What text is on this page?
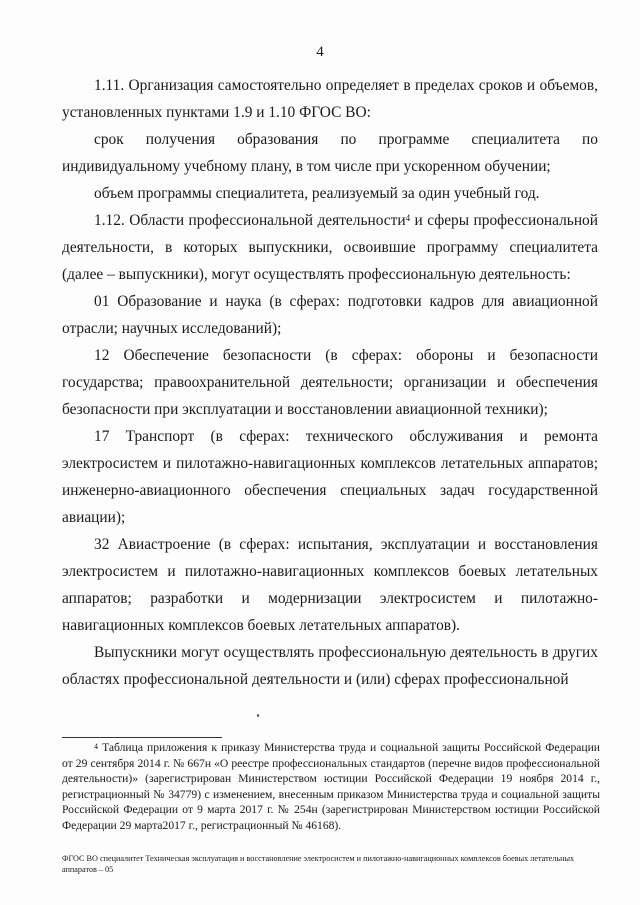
4

1.11. Организация самостоятельно определяет в пределах сроков и объемов, установленных пунктами 1.9 и 1.10 ФГОС ВО:

срок получения образования по программе специалитета по индивидуальному учебному плану, в том числе при ускоренном обучении;

объем программы специалитета, реализуемый за один учебный год.

1.12. Области профессиональной деятельности$^4$ и сферы профессиональной деятельности, в которых выпускники, освоившие программу специалитета (далее – выпускники), могут осуществлять профессиональную деятельность:

01 Образование и наука (в сферах: подготовки кадров для авиационной отрасли; научных исследований);

12 Обеспечение безопасности (в сферах: обороны и безопасности государства; правоохранительной деятельности; организации и обеспечения безопасности при эксплуатации и восстановлении авиационной техники);

17 Транспорт (в сферах: технического обслуживания и ремонта электросистем и пилотажно-навигационных комплексов летательных аппаратов; инженерно-авиационного обеспечения специальных задач государственной авиации);

32 Авиастроение (в сферах: испытания, эксплуатации и восстановления электросистем и пилотажно-навигационных комплексов боевых летательных аппаратов; разработки и модернизации электросистем и пилотажно-навигационных комплексов боевых летательных аппаратов).

Выпускники могут осуществлять профессиональную деятельность в других областях профессиональной деятельности и (или) сферах профессиональной

$^4$ Таблица приложения к приказу Министерства труда и социальной защиты Российской Федерации от 29 сентября 2014 г. № 667н «О реестре профессиональных стандартов (перечне видов профессиональной деятельности)» (зарегистрирован Министерством юстиции Российской Федерации 19 ноября 2014 г., регистрационный № 34779) с изменением, внесенным приказом Министерства труда и социальной защиты Российской Федерации от 9 марта 2017 г. № 254н (зарегистрирован Министерством юстиции Российской Федерации 29 марта2017 г., регистрационный № 46168).

ФГОС ВО специалитет Техническая эксплуатация и восстановление электросистем и пилотажно-навигационных комплексов боевых летательных аппаратов – 05
